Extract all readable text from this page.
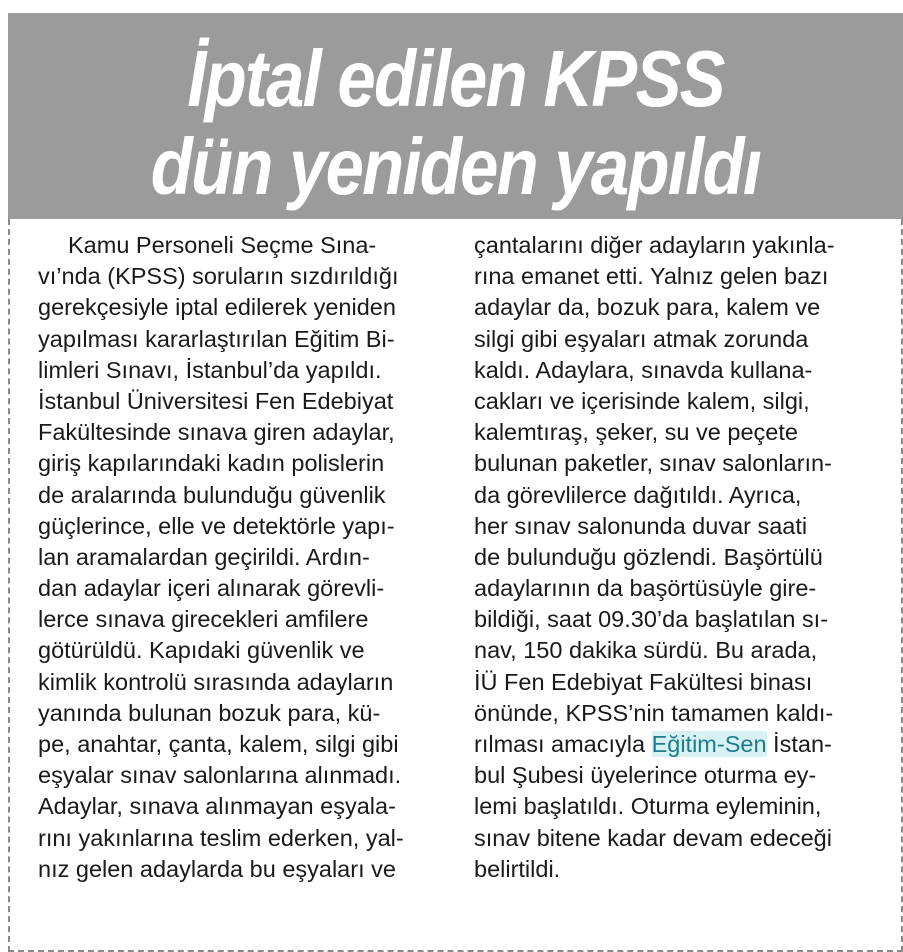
İptal edilen KPSS
dün yeniden yapıldı
Kamu Personeli Seçme Sına-
vı’nda (KPSS) soruların sızdırıldığı
gerekçesiyle iptal edilerek yeniden
yapılması kararlaştırılan Eğitim Bi-
limleri Sınavı, İstanbul’da yapıldı.
İstanbul Üniversitesi Fen Edebiyat
Fakültesinde sınava giren adaylar,
giriş kapılarındaki kadın polislerin
de aralarında bulunduğu güvenlik
güçlerince, elle ve detektörle yapı-
lan aramalardan geçirildi. Ardın-
dan adaylar içeri alınarak görevli-
lerce sınava girecekleri amfilere
götürüldü. Kapıdaki güvenlik ve
kimlik kontrolü sırasında adayların
yanında bulunan bozuk para, kü-
pe, anahtar, çanta, kalem, silgi gibi
eşyalar sınav salonlarına alınmadı.
Adaylar, sınava alınmayan eşyala-
rını yakınlarına teslim ederken, yal-
nız gelen adaylarda bu eşyaları ve
çantalarını diğer adayların yakınla-
rına emanet etti. Yalnız gelen bazı
adaylar da, bozuk para, kalem ve
silgi gibi eşyaları atmak zorunda
kaldı. Adaylara, sınavda kullana-
cakları ve içerisinde kalem, silgi,
kalemtıraş, şeker, su ve peçete
bulunan paketler, sınav salonların-
da görevlilerce dağıtıldı. Ayrıca,
her sınav salonunda duvar saati
de bulunduğu gözlendi. Başörtülü
adaylarının da başörtüsüyle gire-
bildiği, saat 09.30’da başlatılan sı-
nav, 150 dakika sürdü. Bu arada,
İÜ Fen Edebiyat Fakültesi binası
önünde, KPSS’nin tamamen kaldı-
rılması amacıyla Eğitim-Sen İstan-
bul Şubesi üyelerince oturma ey-
lemi başlatıldı. Oturma eyleminin,
sınav bitene kadar devam edeceği
belirtildi.
